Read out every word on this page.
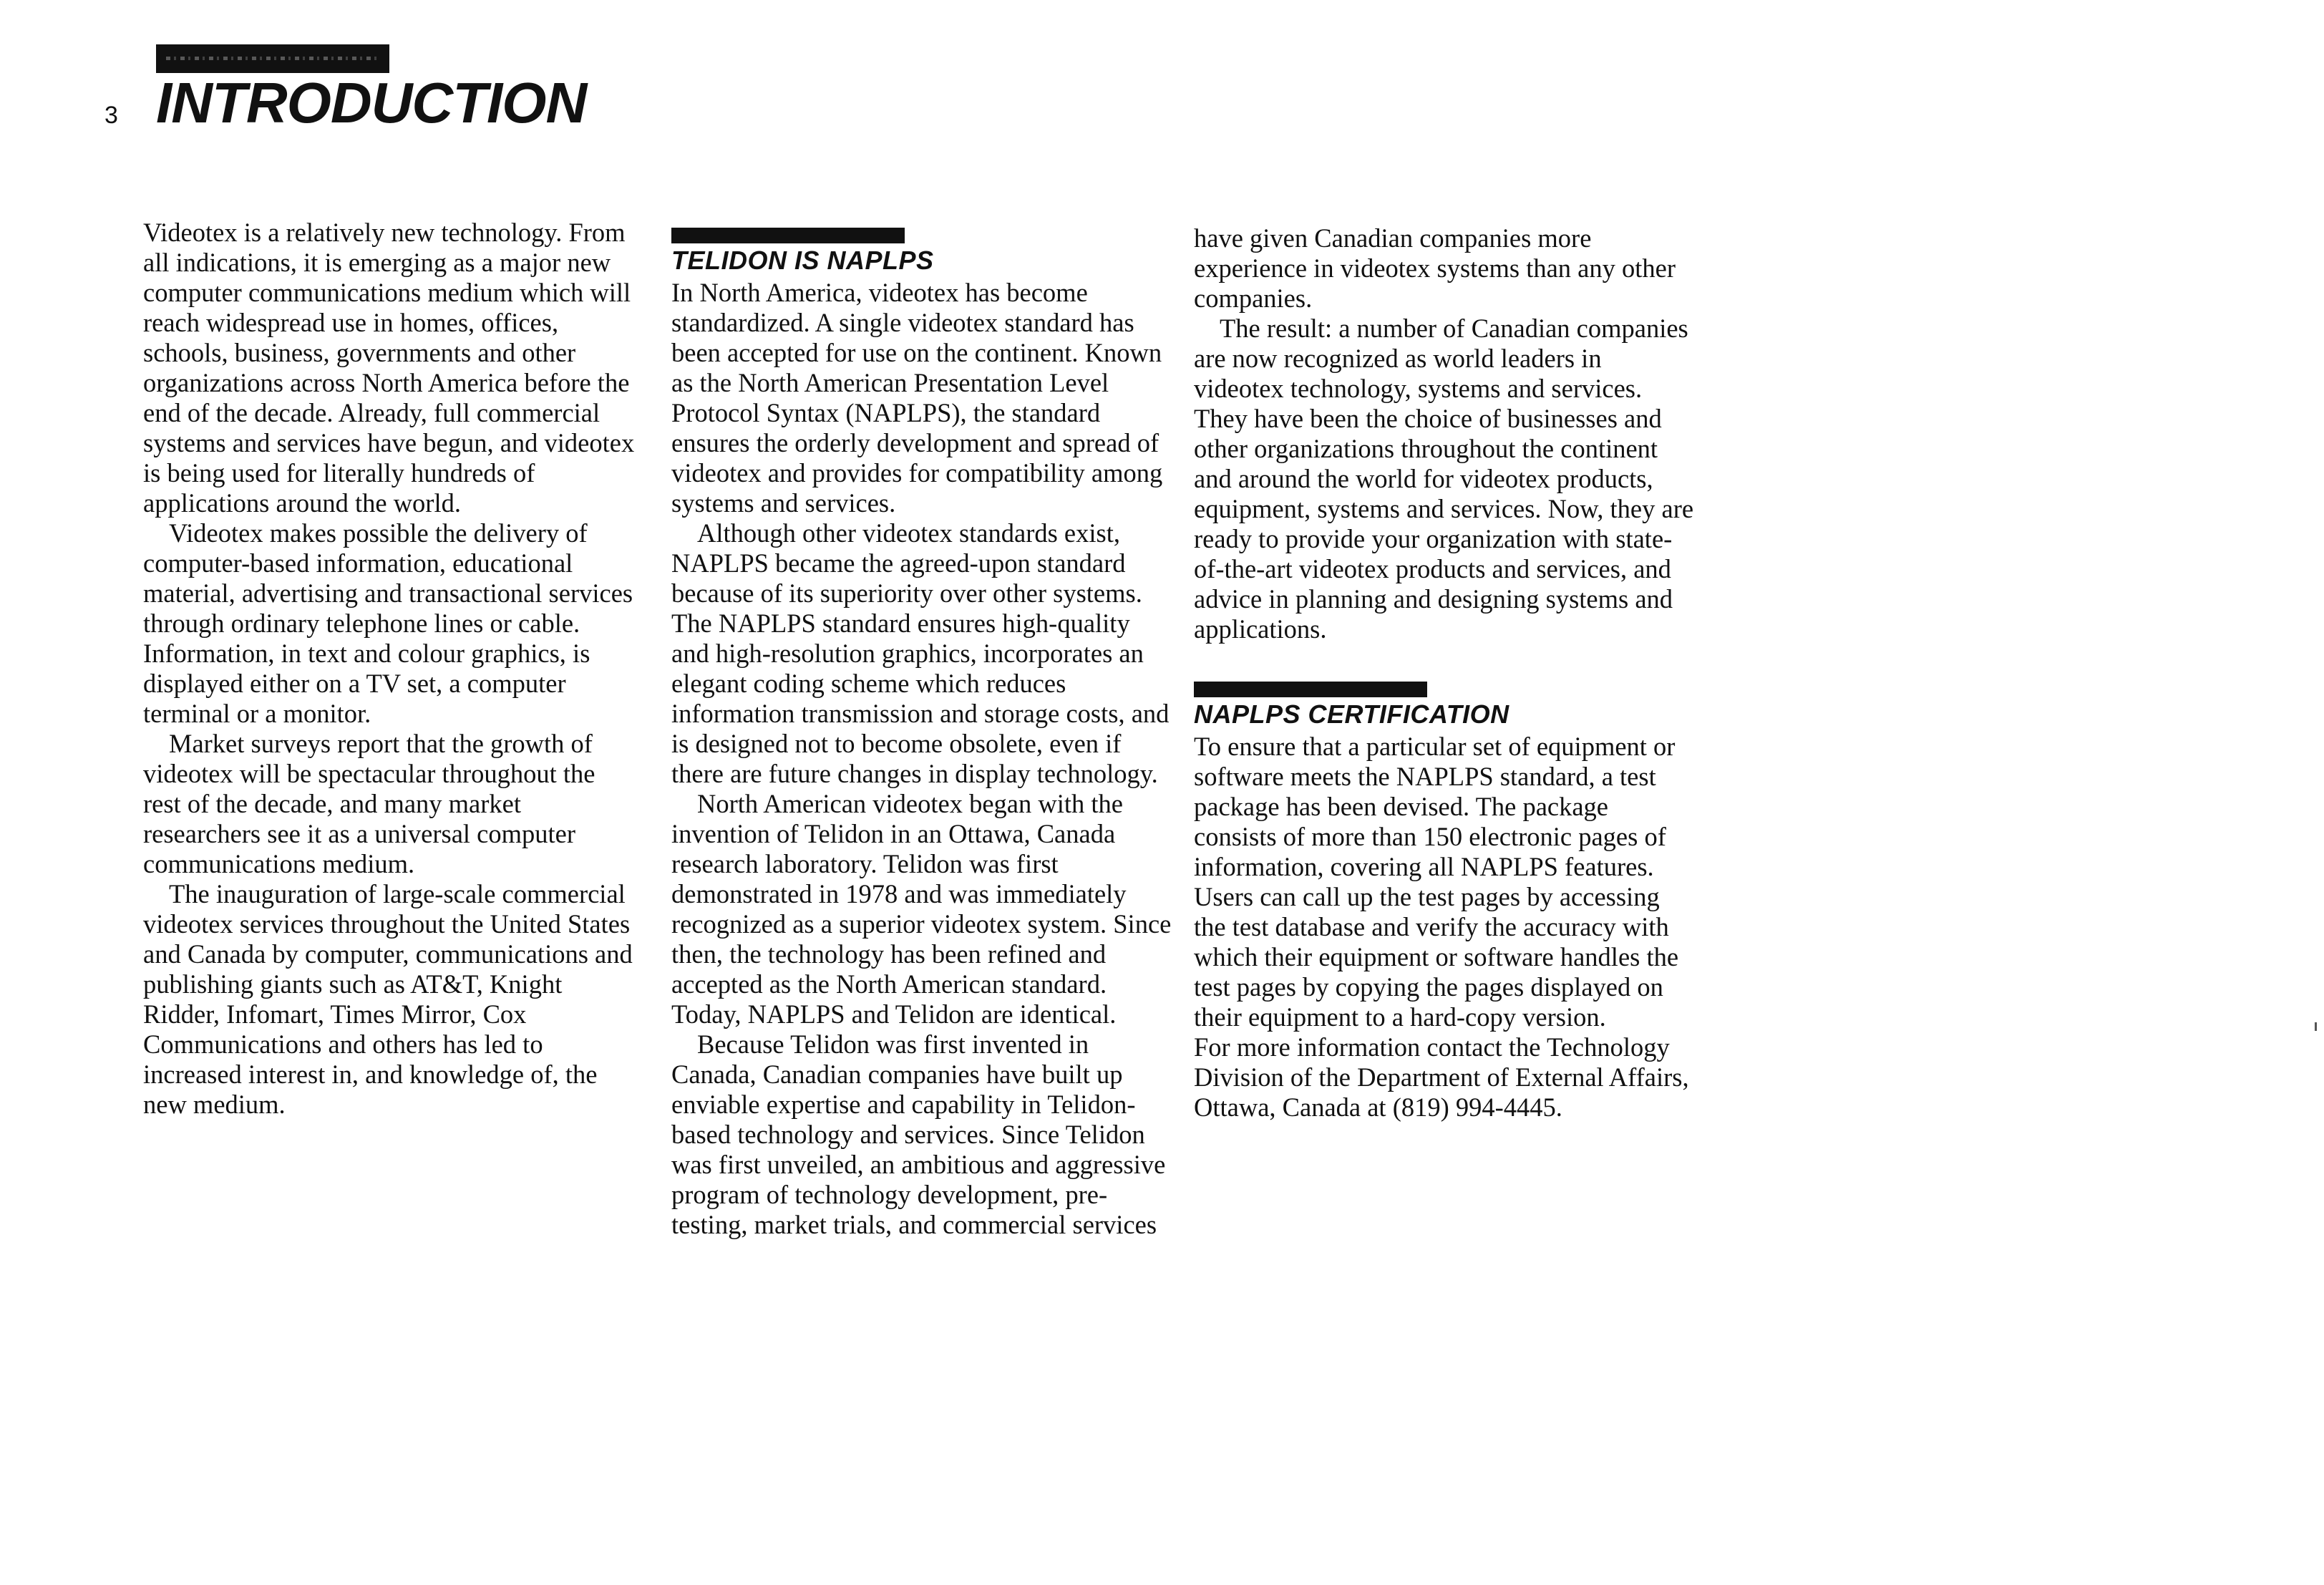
3 INTRODUCTION

Videotex is a relatively new technology. From all indications, it is emerging as a major new computer communications medium which will reach widespread use in homes, offices, schools, business, governments and other organizations across North America before the end of the decade. Already, full commercial systems and services have begun, and videotex is being used for literally hundreds of applications around the world.

Videotex makes possible the delivery of computer-based information, educational material, advertising and transactional services through ordinary telephone lines or cable. Information, in text and colour graphics, is displayed either on a TV set, a computer terminal or a monitor.

Market surveys report that the growth of videotex will be spectacular throughout the rest of the decade, and many market researchers see it as a universal computer communications medium.

The inauguration of large-scale commercial videotex services throughout the United States and Canada by computer, communications and publishing giants such as AT&T, Knight Ridder, Infomart, Times Mirror, Cox Communications and others has led to increased interest in, and knowledge of, the new medium.

TELIDON IS NAPLPS

In North America, videotex has become standardized. A single videotex standard has been accepted for use on the continent. Known as the North American Presentation Level Protocol Syntax (NAPLPS), the standard ensures the orderly development and spread of videotex and provides for compatibility among systems and services.

Although other videotex standards exist, NAPLPS became the agreed-upon standard because of its superiority over other systems. The NAPLPS standard ensures high-quality and high-resolution graphics, incorporates an elegant coding scheme which reduces information transmission and storage costs, and is designed not to become obsolete, even if there are future changes in display technology.

North American videotex began with the invention of Telidon in an Ottawa, Canada research laboratory. Telidon was first demonstrated in 1978 and was immediately recognized as a superior videotex system. Since then, the technology has been refined and accepted as the North American standard. Today, NAPLPS and Telidon are identical.

Because Telidon was first invented in Canada, Canadian companies have built up enviable expertise and capability in Telidon-based technology and services. Since Telidon was first unveiled, an ambitious and aggressive program of technology development, pre-testing, market trials, and commercial services

have given Canadian companies more experience in videotex systems than any other companies.

The result: a number of Canadian companies are now recognized as world leaders in videotex technology, systems and services. They have been the choice of businesses and other organizations throughout the continent and around the world for videotex products, equipment, systems and services. Now, they are ready to provide your organization with state-of-the-art videotex products and services, and advice in planning and designing systems and applications.

NAPLPS CERTIFICATION

To ensure that a particular set of equipment or software meets the NAPLPS standard, a test package has been devised. The package consists of more than 150 electronic pages of information, covering all NAPLPS features. Users can call up the test pages by accessing the test database and verify the accuracy with which their equipment or software handles the test pages by copying the pages displayed on their equipment to a hard-copy version.

For more information contact the Technology Division of the Department of External Affairs, Ottawa, Canada at (819) 994-4445.
